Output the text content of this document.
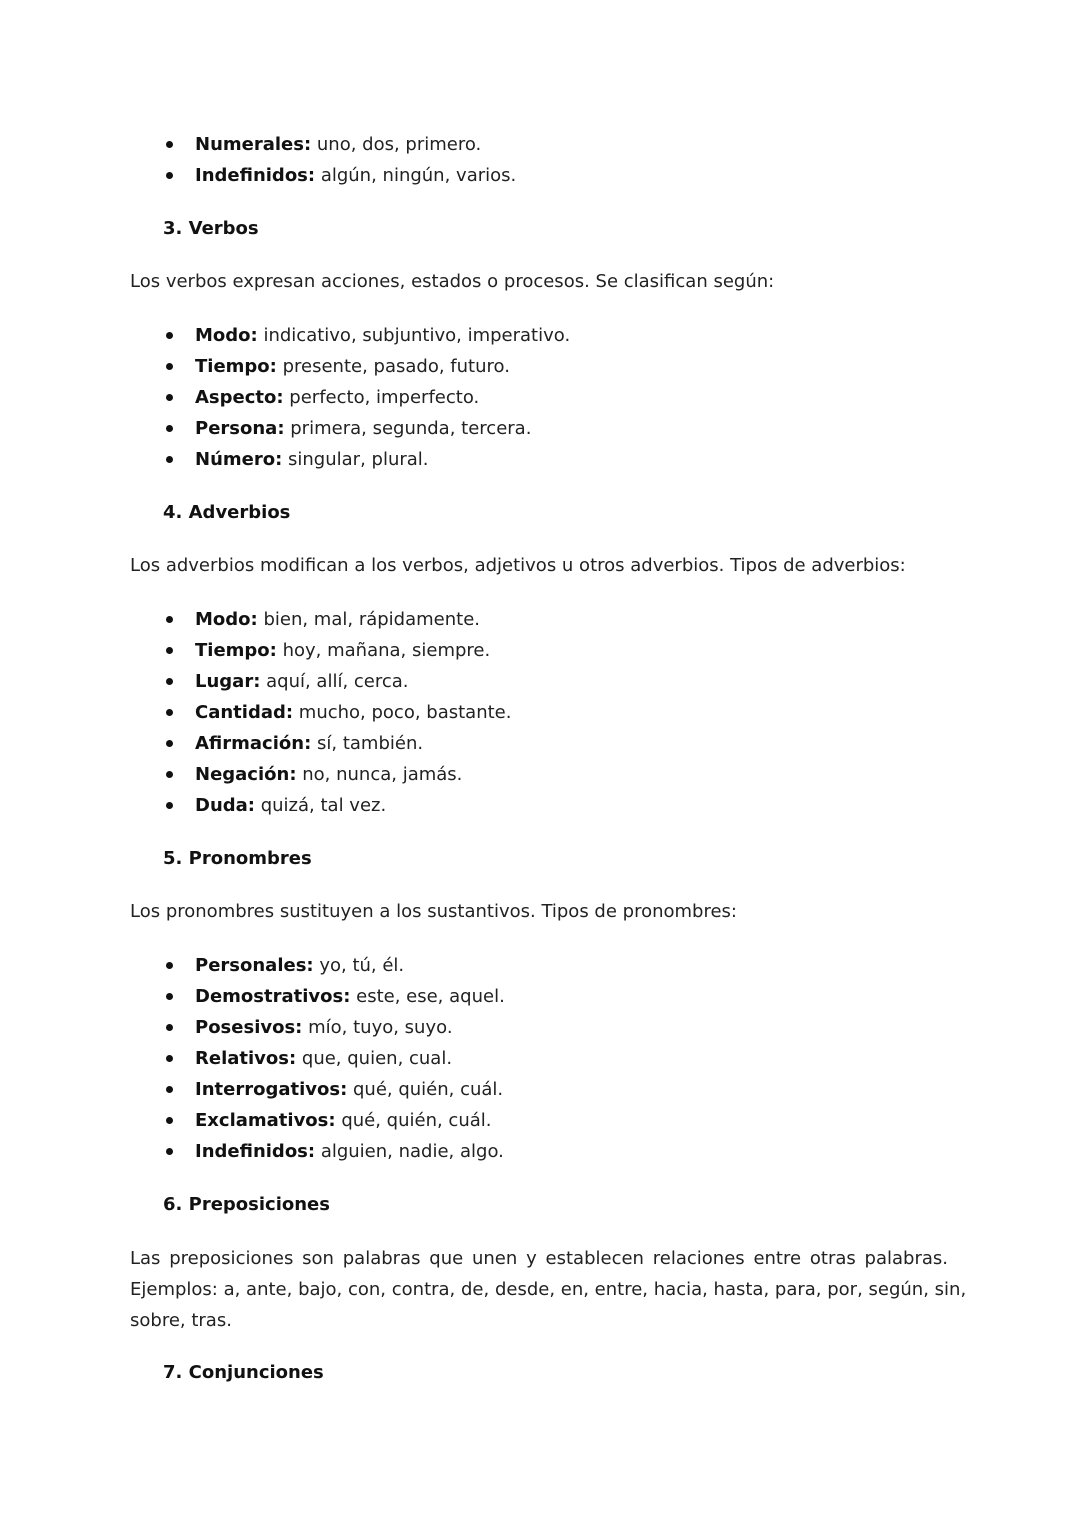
Numerales: uno, dos, primero.
Indefinidos: algún, ningún, varios.
3. Verbos
Los verbos expresan acciones, estados o procesos. Se clasifican según:
Modo: indicativo, subjuntivo, imperativo.
Tiempo: presente, pasado, futuro.
Aspecto: perfecto, imperfecto.
Persona: primera, segunda, tercera.
Número: singular, plural.
4. Adverbios
Los adverbios modifican a los verbos, adjetivos u otros adverbios. Tipos de adverbios:
Modo: bien, mal, rápidamente.
Tiempo: hoy, mañana, siempre.
Lugar: aquí, allí, cerca.
Cantidad: mucho, poco, bastante.
Afirmación: sí, también.
Negación: no, nunca, jamás.
Duda: quizá, tal vez.
5. Pronombres
Los pronombres sustituyen a los sustantivos. Tipos de pronombres:
Personales: yo, tú, él.
Demostrativos: este, ese, aquel.
Posesivos: mío, tuyo, suyo.
Relativos: que, quien, cual.
Interrogativos: qué, quién, cuál.
Exclamativos: qué, quién, cuál.
Indefinidos: alguien, nadie, algo.
6. Preposiciones
Las preposiciones son palabras que unen y establecen relaciones entre otras palabras.
Ejemplos: a, ante, bajo, con, contra, de, desde, en, entre, hacia, hasta, para, por, según, sin,
sobre, tras.
7. Conjunciones
